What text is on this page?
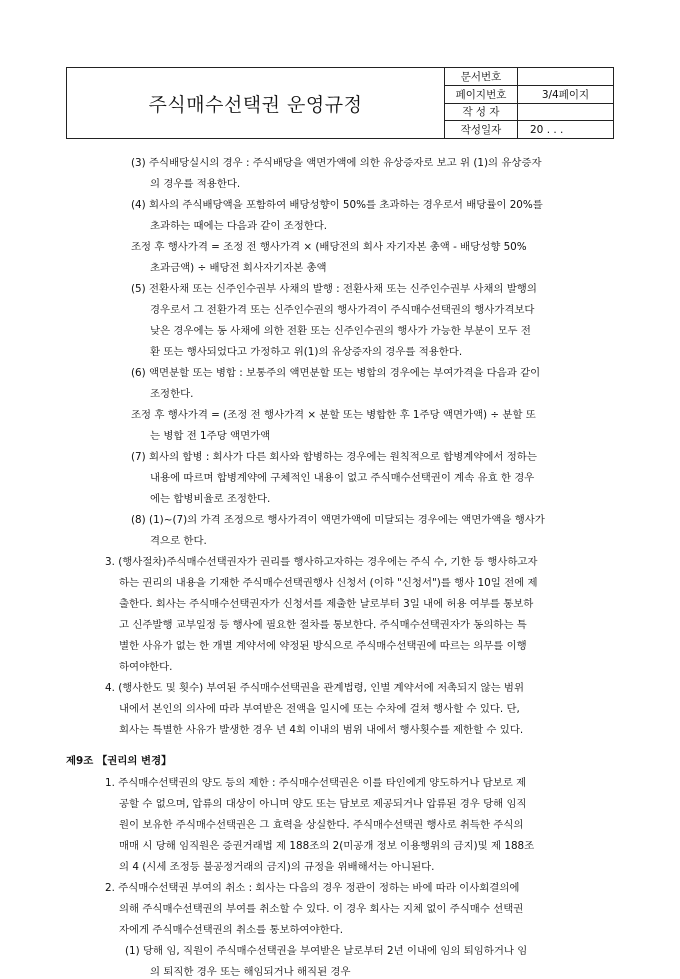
주식매수선택권 운영규정
문서번호
페이지번호	3/4페이지
작 성 자
작성일자	20 . . .
(3) 주식배당실시의 경우 : 주식배당을 액면가액에 의한 유상증자로 보고 위 (1)의 유상증자
의 경우를 적용한다.
(4) 회사의 주식배당액을 포함하여 배당성향이 50%를 초과하는 경우로서 배당률이 20%를
초과하는 때에는 다음과 같이 조정한다.
조정 후 행사가격 = 조정 전 행사가격 × (배당전의 회사 자기자본 총액 - 배당성향 50%
초과금액) ÷ 배당전 회사자기자본 총액
(5) 전환사채 또는 신주인수권부 사채의 발행 : 전환사채 또는 신주인수권부 사채의 발행의
경우로서 그 전환가격 또는 신주인수권의 행사가격이 주식매수선택권의 행사가격보다
낮은 경우에는 동 사채에 의한 전환 또는 신주인수권의 행사가 가능한 부분이 모두 전
환 또는 행사되었다고 가정하고 위(1)의 유상증자의 경우를 적용한다.
(6) 액면분할 또는 병합 : 보통주의 액면분할 또는 병합의 경우에는 부여가격을 다음과 같이
조정한다.
조정 후 행사가격 = (조정 전 행사가격 × 분할 또는 병합한 후 1주당 액면가액) ÷ 분할 또
는 병합 전 1주당 액면가액
(7) 회사의 합병 : 회사가 다른 회사와 합병하는 경우에는 원칙적으로 합병계약에서 정하는
내용에 따르며 합병계약에 구체적인 내용이 없고 주식매수선택권이 계속 유효 한 경우
에는 합병비율로 조정한다.
(8) (1)~(7)의 가격 조정으로 행사가격이 액면가액에 미달되는 경우에는 액면가액을 행사가
격으로 한다.
3. (행사절차)주식매수선택권자가 권리를 행사하고자하는 경우에는 주식 수, 기한 등 행사하고자
하는 권리의 내용을 기재한 주식매수선택권행사 신청서 (이하 "신청서")를 행사 10일 전에 제
출한다. 회사는 주식매수선택권자가 신청서를 제출한 날로부터 3일 내에 허용 여부를 통보하
고 신주발행 교부일정 등 행사에 필요한 절차를 통보한다. 주식매수선택권자가 동의하는 특
별한 사유가 없는 한 개별 계약서에 약정된 방식으로 주식매수선택권에 따르는 의무를 이행
하여야한다.
4. (행사한도 및 횟수) 부여된 주식매수선택권을 관계법령, 인별 계약서에 저촉되지 않는 범위
내에서 본인의 의사에 따라 부여받은 전액을 일시에 또는 수차에 걸쳐 행사할 수 있다. 단,
회사는 특별한 사유가 발생한 경우 년 4회 이내의 범위 내에서 행사횟수를 제한할 수 있다.
제9조 【권리의 변경】
1. 주식매수선택권의 양도 등의 제한 : 주식매수선택권은 이를 타인에게 양도하거나 담보로 제
공할 수 없으며, 압류의 대상이 아니며 양도 또는 담보로 제공되거나 압류된 경우 당해 임직
원이 보유한 주식매수선택권은 그 효력을 상실한다. 주식매수선택권 행사로 취득한 주식의
매매 시 당해 임직원은 증권거래법 제 188조의 2(미공개 정보 이용행위의 금지)및 제 188조
의 4 (시세 조정등 불공정거래의 금지)의 규정을 위배해서는 아니된다.
2. 주식매수선택권 부여의 취소 : 회사는 다음의 경우 정관이 정하는 바에 따라 이사회결의에
의해 주식매수선택권의 부여를 취소할 수 있다. 이 경우 회사는 지체 없이 주식매수 선택권
자에게 주식매수선택권의 취소를 통보하여야한다.
(1) 당해 임, 직원이 주식매수선택권을 부여받은 날로부터 2년 이내에 임의 퇴임하거나 임
의 퇴직한 경우 또는 해임되거나 해직된 경우
